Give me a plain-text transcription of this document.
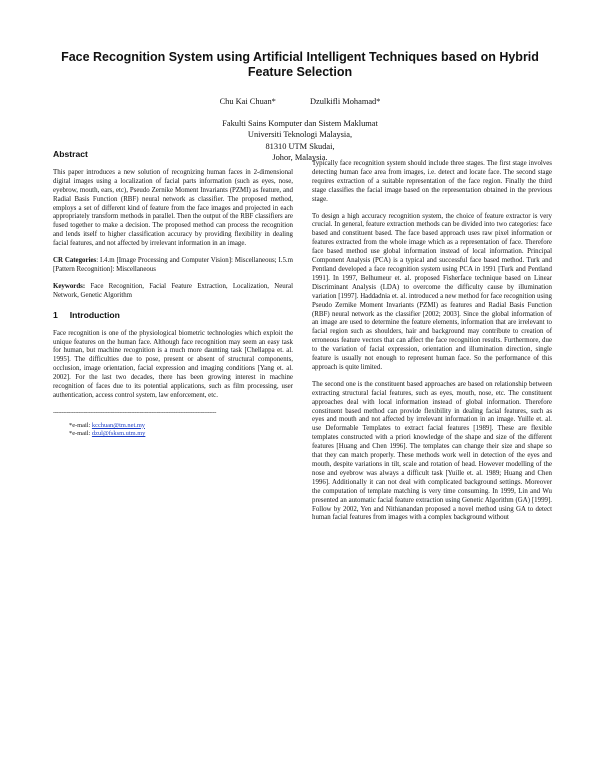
Face Recognition System using Artificial Intelligent Techniques based on Hybrid Feature Selection
Chu Kai Chuan*	Dzulkifli Mohamad*
Fakulti Sains Komputer dan Sistem Maklumat
Universiti Teknologi Malaysia,
81310 UTM Skudai,
Johor, Malaysia.
Abstract

This paper introduces a new solution of recognizing human faces in 2-dimensional digital images using a localization of facial parts information (such as eyes, nose, eyebrow, mouth, ears, etc), Pseudo Zernike Moment Invariants (PZMI) as feature, and Radial Basis Function (RBF) neural network as classifier. The proposed method, employs a set of different kind of feature from the face images and projected in each appropriately transform methods in parallel. Then the output of the RBF classifiers are fused together to make a decision. The proposed method can process the recognition and lends itself to higher classification accuracy by providing flexibility in dealing facial features, and not affected by irrelevant information in an image.

CR Categories: I.4.m [Image Processing and Computer Vision]: Miscellaneous; I.5.m [Pattern Recognition]: Miscellaneous

Keywords: Face Recognition, Facial Feature Extraction, Localization, Neural Network, Genetic Algorithm

1 Introduction

Face recognition is one of the physiological biometric technologies which exploit the unique features on the human face. Although face recognition may seem an easy task for human, but machine recognition is a much more daunting task [Chellappa et. al. 1995]. The difficulties due to pose, present or absent of structural components, occlusion, image orientation, facial expression and imaging conditions [Yang et. al. 2002]. For the last two decades, there has been growing interest in machine recognition of faces due to its potential applications, such as film processing, user authentication, access control system, law enforcement, etc.

------------------------------------------------------------------------------------------------
*e-mail: kcchuan@tm.net.my
*e-mail: dzul@fsksm.utm.my

Typically face recognition system should include three stages. The first stage involves detecting human face area from images, i.e. detect and locate face. The second stage requires extraction of a suitable representation of the face region. Finally the third stage classifies the facial image based on the representation obtained in the previous stage.

To design a high accuracy recognition system, the choice of feature extractor is very crucial. In general, feature extraction methods can be divided into two categories: face based and constituent based. The face based approach uses raw pixel information or features extracted from the whole image which as a representation of face. Therefore face based method use global information instead of local information. Principal Component Analysis (PCA) is a typical and successful face based method. Turk and Pentland developed a face recognition system using PCA in 1991 [Turk and Pentland 1991]. In 1997, Belhumeur et. al. proposed Fisherface technique based on Linear Discriminant Analysis (LDA) to overcome the difficulty cause by illumination variation [1997]. Haddadnia et. al. introduced a new method for face recognition using Pseudo Zernike Moment Invariants (PZMI) as features and Radial Basis Function (RBF) neural network as the classifier [2002; 2003]. Since the global information of an image are used to determine the feature elements, information that are irrelevant to facial region such as shoulders, hair and background may contribute to creation of erroneous feature vectors that can affect the face recognition results. Furthermore, due to the variation of facial expression, orientation and illumination direction, single feature is usually not enough to represent human face. So the performance of this approach is quite limited.

The second one is the constituent based approaches are based on relationship between extracting structural facial features, such as eyes, mouth, nose, etc. The constituent approaches deal with local information instead of global information. Therefore constituent based method can provide flexibility in dealing facial features, such as eyes and mouth and not affected by irrelevant information in an image. Yuille et. al. use Deformable Templates to extract facial features [1989]. These are flexible templates constructed with a priori knowledge of the shape and size of the different features [Huang and Chen 1996]. The templates can change their size and shape so that they can match properly. These methods work well in detection of the eyes and mouth, despite variations in tilt, scale and rotation of head. However modelling of the nose and eyebrow was always a difficult task [Yuille et. al. 1989; Huang and Chen 1996]. Additionally it can not deal with complicated background settings. Moreover the computation of template matching is very time consuming. In 1999, Lin and Wu presented an automatic facial feature extraction using Genetic Algorithm (GA) [1999]. Follow by 2002, Yen and Nithianandan proposed a novel method using GA to detect human facial features from images with a complex background without
